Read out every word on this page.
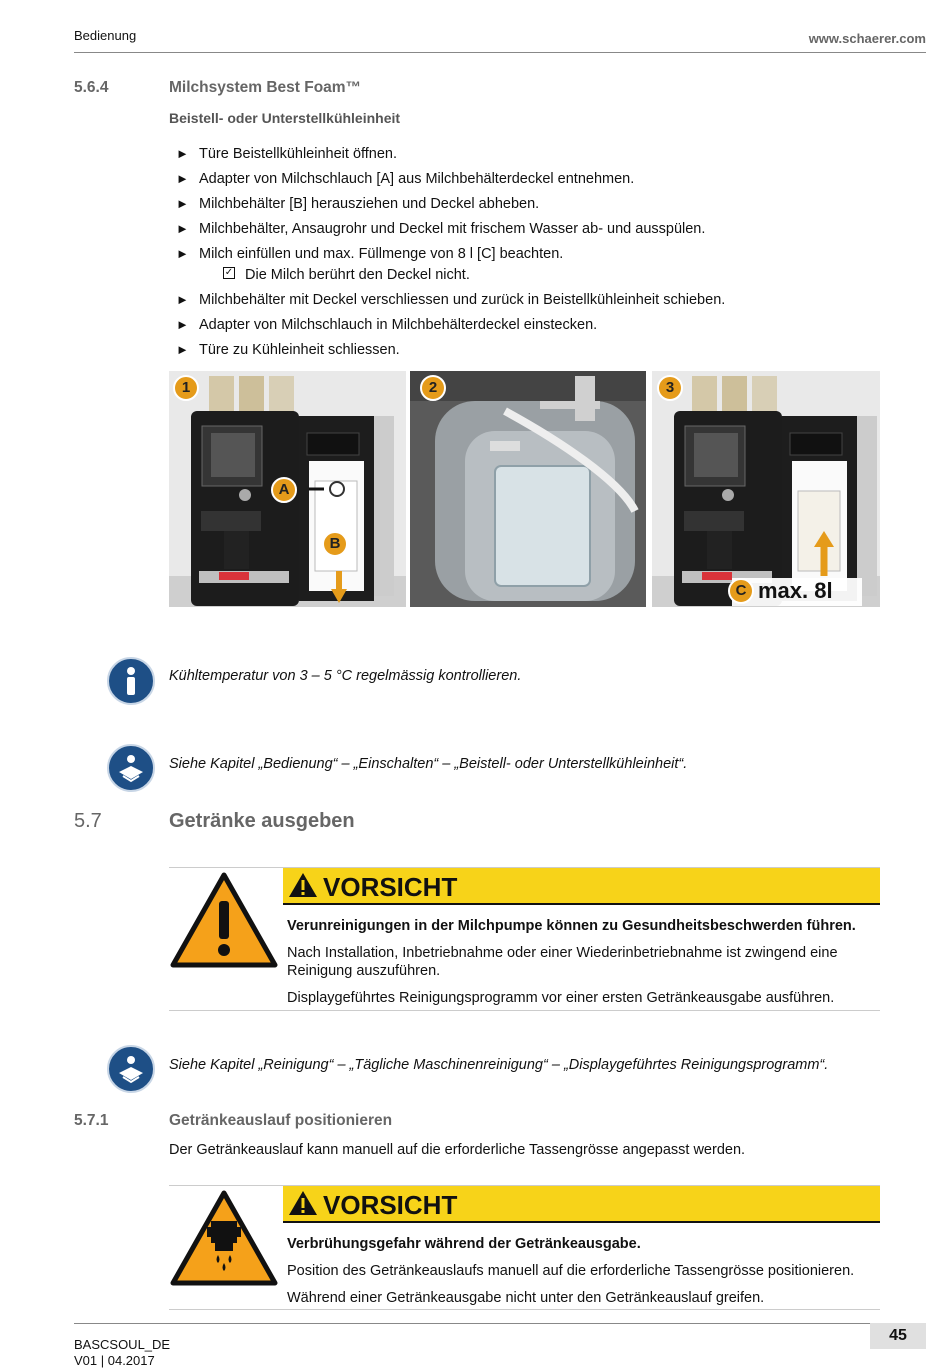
Bedienung	www.schaerer.com
5.6.4	Milchsystem Best Foam™
Beistell- oder Unterstellkühleinheit
► Türe Beistellkühleinheit öffnen.
► Adapter von Milchschlauch [A] aus Milchbehälterdeckel entnehmen.
► Milchbehälter [B] herausziehen und Deckel abheben.
► Milchbehälter, Ansaugrohr und Deckel mit frischem Wasser ab- und ausspülen.
► Milch einfüllen und max. Füllmenge von 8 l [C] beachten.
✓ Die Milch berührt den Deckel nicht.
► Milchbehälter mit Deckel verschliessen und zurück in Beistellkühleinheit schieben.
► Adapter von Milchschlauch in Milchbehälterdeckel einstecken.
► Türe zu Kühleinheit schliessen.
1	2	3
A
B
C max. 8l
Kühltemperatur von 3 – 5 °C regelmässig kontrollieren.
Siehe Kapitel „Bedienung“ – „Einschalten“ – „Beistell- oder Unterstellkühleinheit“.
5.7	Getränke ausgeben
VORSICHT

Verunreinigungen in der Milchpumpe können zu Gesundheitsbeschwerden führen.

Nach Installation, Inbetriebnahme oder einer Wiederinbetriebnahme ist zwingend eine Reinigung auszuführen.

Displaygeführtes Reinigungsprogramm vor einer ersten Getränkeausgabe ausführen.

Siehe Kapitel „Reinigung“ – „Tägliche Maschinenreinigung“ – „Displaygeführtes Reinigungsprogramm“.
5.7.1	Getränkeauslauf positionieren
Der Getränkeauslauf kann manuell auf die erforderliche Tassengrösse angepasst werden.
VORSICHT

Verbrühungsgefahr während der Getränkeausgabe.

Position des Getränkeauslaufs manuell auf die erforderliche Tassengrösse positionieren.

Während einer Getränkeausgabe nicht unter den Getränkeauslauf greifen.

BASCSOUL_DE
V01 | 04.2017
45
